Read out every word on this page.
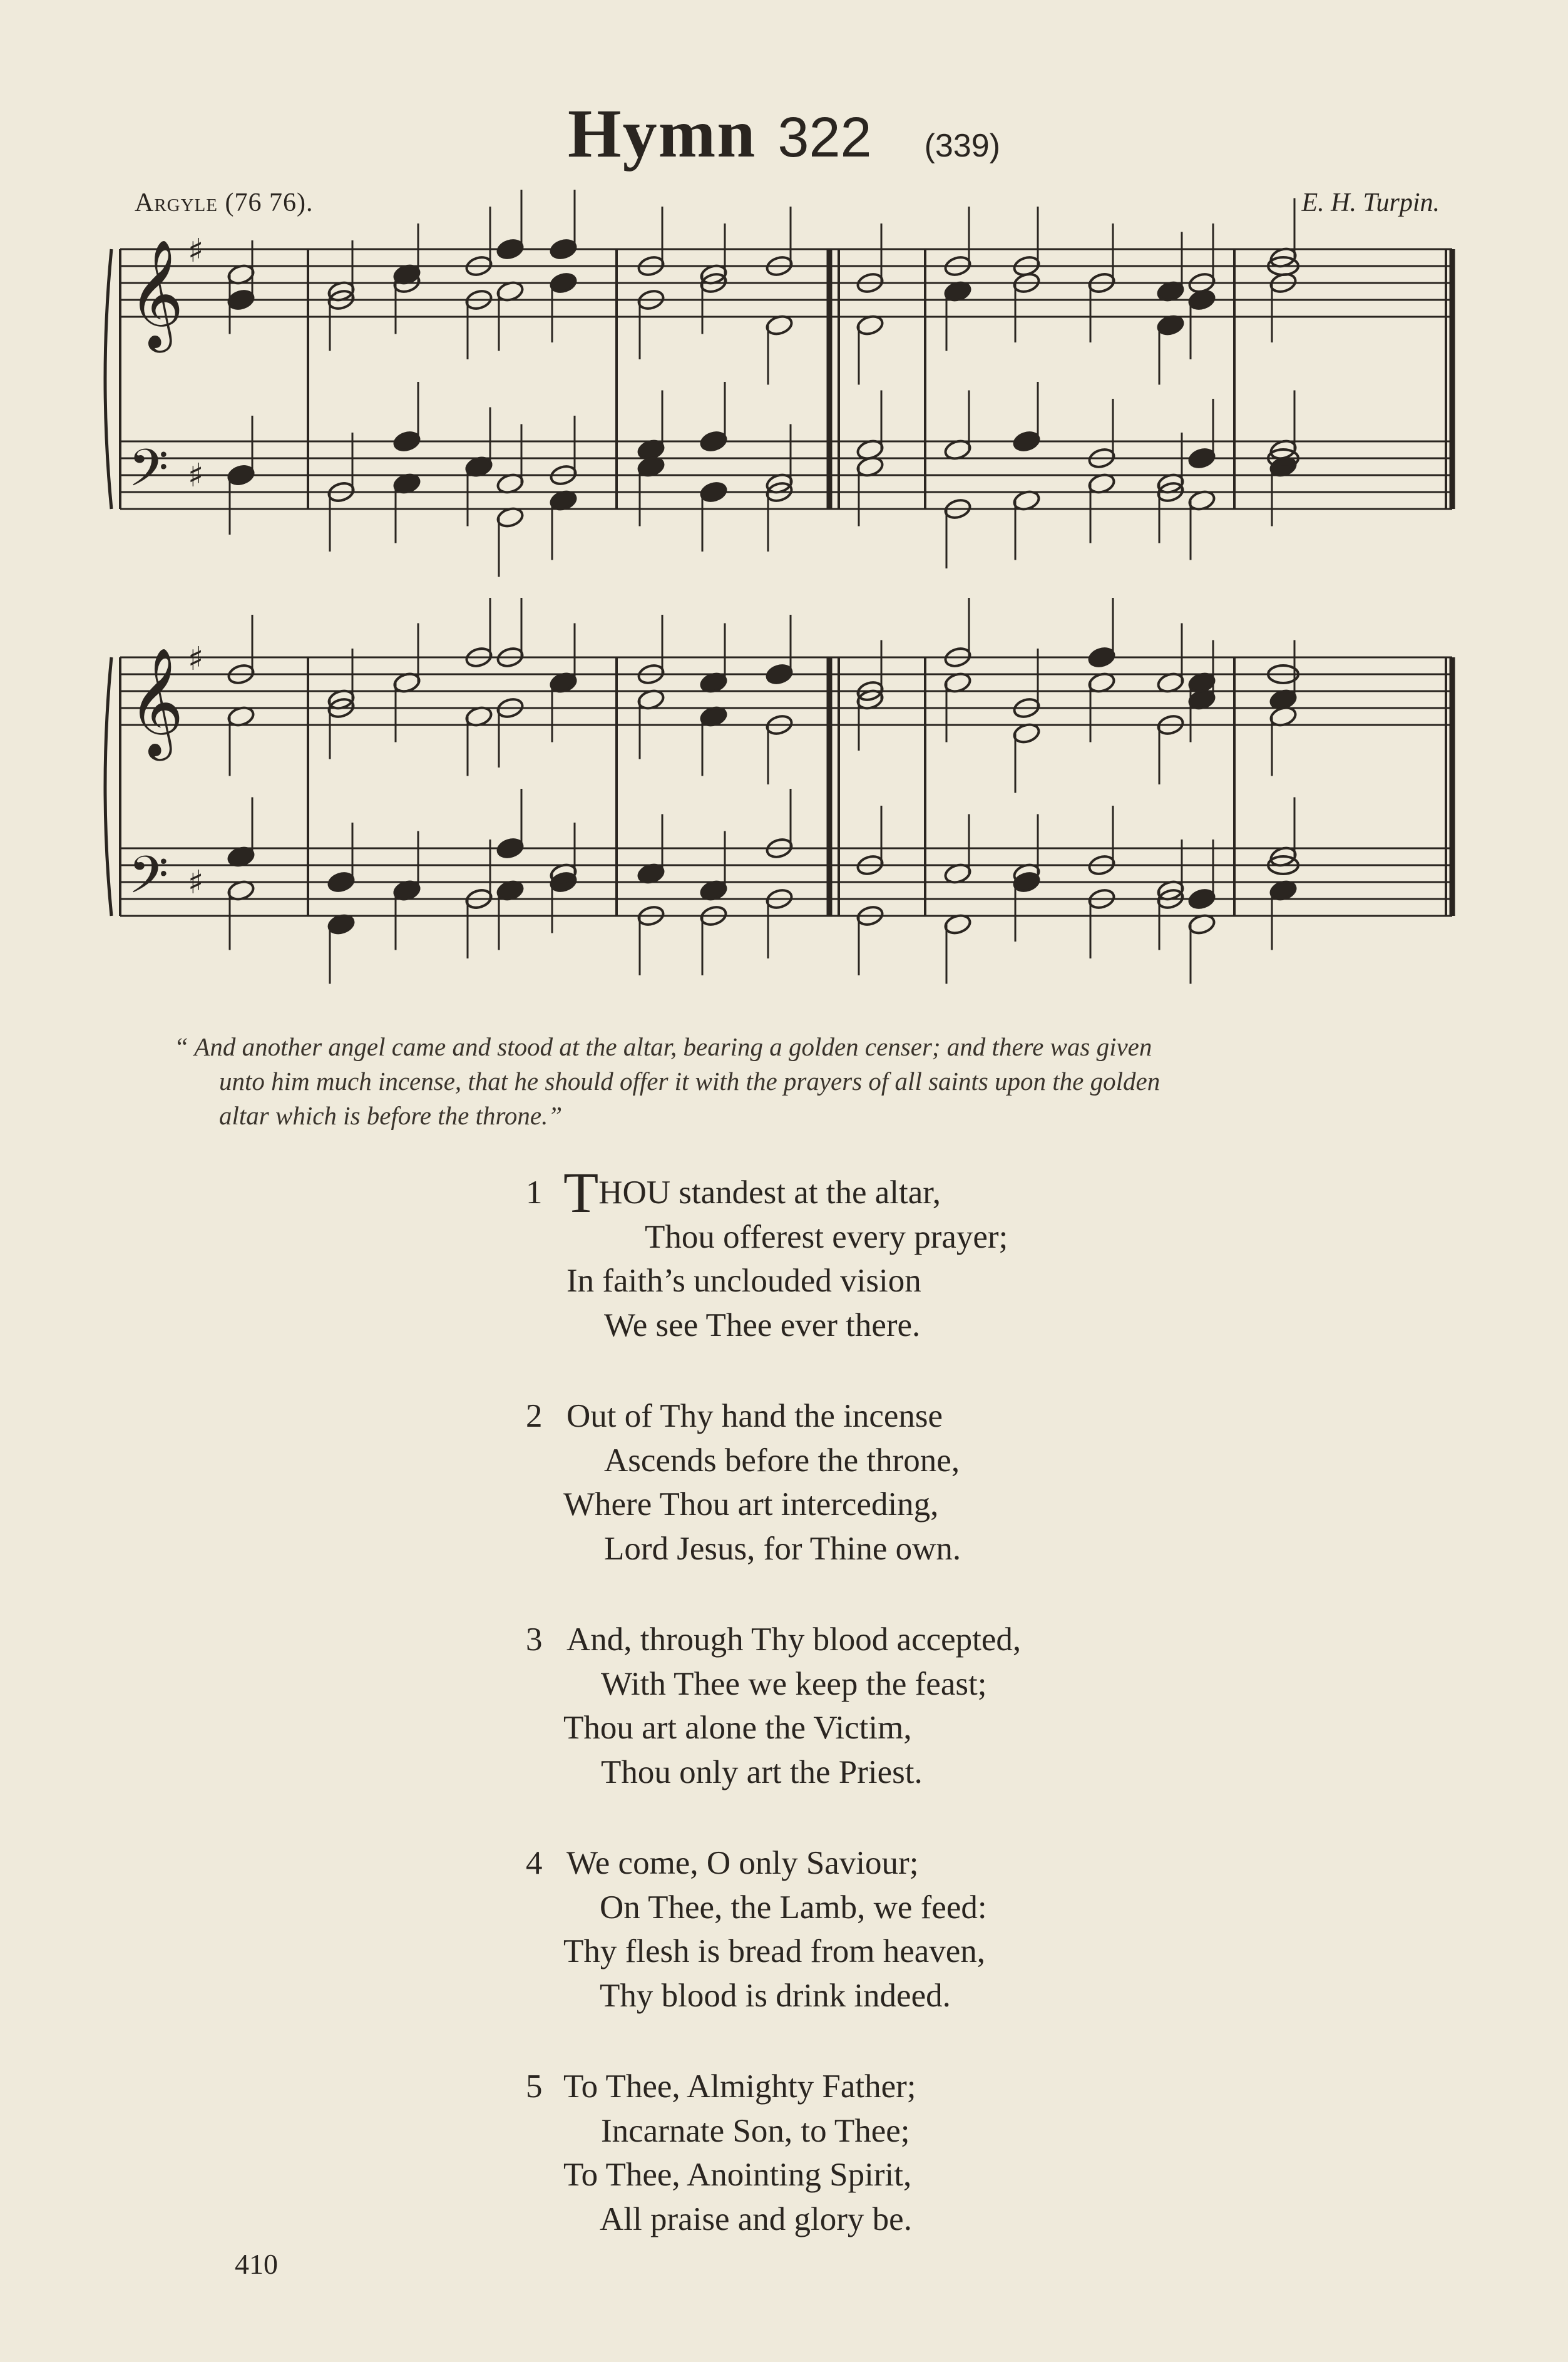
Hymn 322 (339)
Argyle (76 76).	E. H. Turpin.
𝄞
𝄢
♯
♯
𝄞
𝄢
♯
♯
“ And another angel came and stood at the altar, bearing a golden censer; and there was given
unto him much incense, that he should offer it with the prayers of all saints upon the golden
altar which is before the throne.”
1 THOU standest at the altar,
Thou offerest every prayer;
In faith’s unclouded vision
We see Thee ever there.
2 Out of Thy hand the incense
Ascends before the throne,
Where Thou art interceding,
Lord Jesus, for Thine own.
3 And, through Thy blood accepted,
With Thee we keep the feast;
Thou art alone the Victim,
Thou only art the Priest.
4 We come, O only Saviour;
On Thee, the Lamb, we feed:
Thy flesh is bread from heaven,
Thy blood is drink indeed.
5 To Thee, Almighty Father;
Incarnate Son, to Thee;
To Thee, Anointing Spirit,
All praise and glory be.
410
